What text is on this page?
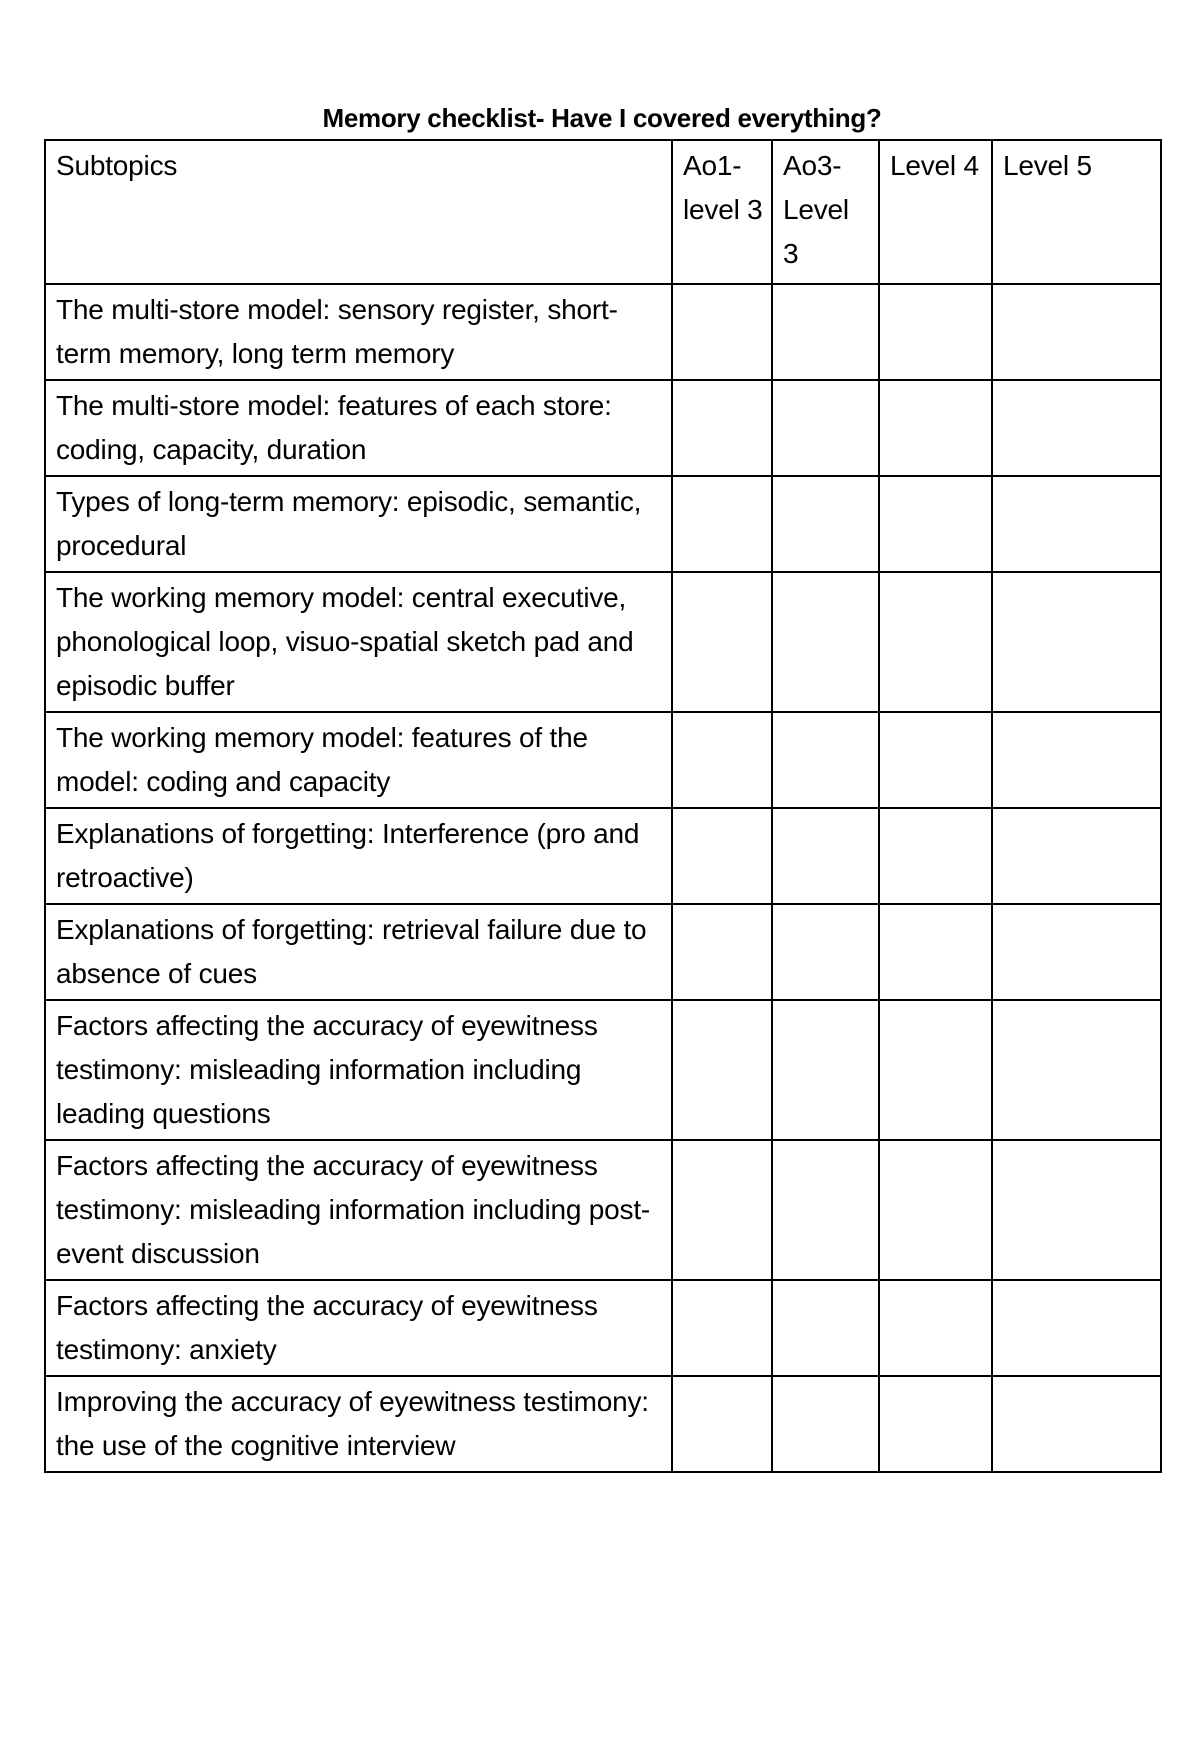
Memory checklist- Have I covered everything?
Subtopics	Ao1- level 3	Ao3- Level 3	Level 4	Level 5
The multi-store model: sensory register, short-term memory, long term memory				
The multi-store model: features of each store: coding, capacity, duration				
Types of long-term memory: episodic, semantic, procedural				
The working memory model: central executive, phonological loop, visuo-spatial sketch pad and episodic buffer				
The working memory model: features of the model: coding and capacity				
Explanations of forgetting: Interference (pro and retroactive)				
Explanations of forgetting: retrieval failure due to absence of cues				
Factors affecting the accuracy of eyewitness testimony: misleading information including leading questions				
Factors affecting the accuracy of eyewitness testimony: misleading information including post-event discussion				
Factors affecting the accuracy of eyewitness testimony: anxiety				
Improving the accuracy of eyewitness testimony: the use of the cognitive interview				
